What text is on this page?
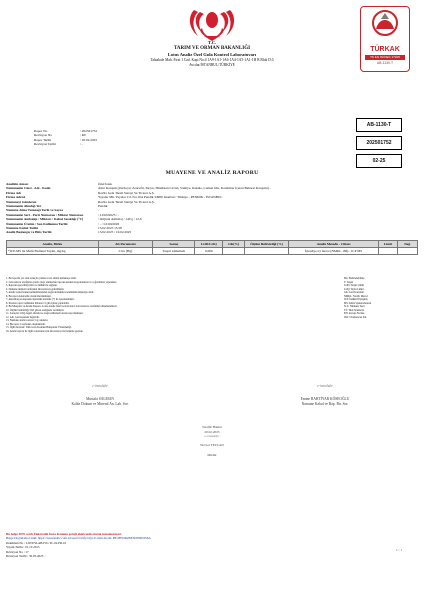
T.C.
TARIM VE ORMAN BAKANLIĞI
Lotus Analiz Özel Gıda Kontrol Laboratuvarı
Tahtakale Mah. Fırat 1 Cad. Kapı No:4 1A9-1A1-1A6-1A4-1A5-1A1-1H B Blok D:5
Avcılar/İSTANBUL/TÜRKİYE
TÜRKAK
TS EN ISO/IEC 17025
AB-1130-T
Rapor No	: 202501752
Revizyon No	: R0
Rapor Tarihi	: 20.02.2025
Revizyon Tarihi	: -
AB-1130-T
202501752
02-25
MUAYENE VE ANALİZ RAPORU
Analizin Amacı	Özel İstek
Numunenin Cinsi - Adı - Kodu	Altın Karışım (Zerdeçal, Zencefil, Tarçın, Hindistan Cevizi, Vanilya, Kakule, Çemen Otu, Karabiber İçeren Baharat Karışımı) -
Firma Adı	Ravlia Gıda Tarım Sanayi Ve Ticaret A.Ş.
Firma Adresi	Yayalar Mh. Yayalar Cd. No:10A Pendik 34909 İstanbul / Türkiye - PENDİK - İSTANBUL
Numuneyi Gönderen	Ravlia Gıda Tarım Sanayi Ve Ticaret A.Ş.
Numunenin Alındığı Yer	Pendik
Numune Alma Tutanağı Tarih ve Sayısı	-
Numunenin Seri - Parti Numarası / Miktar Numarası	: L01022025 / -
Numunenin Ambalajı / Miktarı / Kabul Sıcaklığı (°C)	: Orijinal Ambalaj / 140 g / 12,6
Numunenin Üretim / Son Kullanma Tarihi	: - / L01022026
Numune Kabul Tarihi	13.02.2025 15:58
Analiz Başlangıç ve Bitiş Tarihi	13.02.2025 / 19.02.2025
Analiz, Birim	Alt Parametre	Sonuç	LOD/LOQ	GK(%)	Ölçüm Belirsizliği (%)	Analiz Metodu - Cihazı	Limit	Değ.
*ICP-MS ile Multi Element Tayini, mg/kg	Civa (Hg)	Tespit edilemedi	0,006			İçtenliye içi metot (NMKL 186) - ICP MS		
1. Bu raporda yer alan sonuçlar yalnızca test edilen numuneye aittir.
2. Laboratuvar tarafından yazılı onayı alınmadan raporun kısmen kopyalanması ve çoğaltılması yapılamaz.
3. Raporun geçerliliği imza ve mühür ile sağlanır.
4. Numune müşteri tarafından laboratuvara getirilmiştir.
5. Analiz sonuçlarının kullanılmasından doğacak hukuki sorumluluk müşteriye aittir.
6. Bu rapor elektronik olarak imzalanmıştır.
7. Akreditasyon kapsamı dışındaki analizler (*) ile işaretlenmiştir.
8. İtirazlar rapor tarihinden itibaren 15 gün içinde yapılabilir.
9. Bu Muayene ve Analiz Raporu, Lotus Analiz Özel Gıda Kontrol Laboratuvarı tarafından düzenlenmiştir.
10. Ölçüm belirsizliği %95 güven aralığında verilmiştir.
11. Sonuçlar LOQ değeri altında ise tespit edilemedi olarak raporlanmıştır.
12. GK: Geri kazanım değeridir.
13. Numune analiz sonrası 3 ay saklanır.
14. Bu rapor 2 sayfadan oluşmaktadır.
15. İlgili mevzuat: Türk Gıda Kodeksi Bulaşanlar Yönetmeliği.
16. Analiz raporu ile ilgili sorularınız için laboratuvar ile iletişime geçiniz.
BG: Belirlenebilme
T: Tespit
LOD: Tespit Limiti
LOQ: Tayin Limiti
GK: Geri Kazanım
NMKL: Nordic Metod
ICP: İndüktif Eşleşmiş
MS: Kütle Spektrometresi
N.T.: Nümune Testi
TS: Türk Standardı
EN: Avrupa Normu
ISO: Uluslararası Std.
e-imzalıdır
Mustafa SALMAN
Kalite Dokum ve Mineral An. Lab. Sor.
e-imzalıdır
Emine BAHTİYAR KÖSEOĞLU
Numune Kabul ve Rap. Bir. Sor.
Tarafik Hamur
20.02.2025
e-imzalıdır
Nevzat TEZCAN
Müdür
Bu belge 5070 sayılı Elektronik İmza Kanunu gereği elektronik olarak imzalanmıştır.
Belge Doğrulama Linki: https://lotusanaliz.com.tr/report/verify/ebys E-imza Kodu: BE4FEDD2BE5DF8D5056A
Doküman No : LOTUSLAB.F.01.TL.02.PR.16
Yayım Tarihi : 01.12.2015
Revizyon No : 17
Revizyon Tarihi : 30.05.2023
1 / 1
